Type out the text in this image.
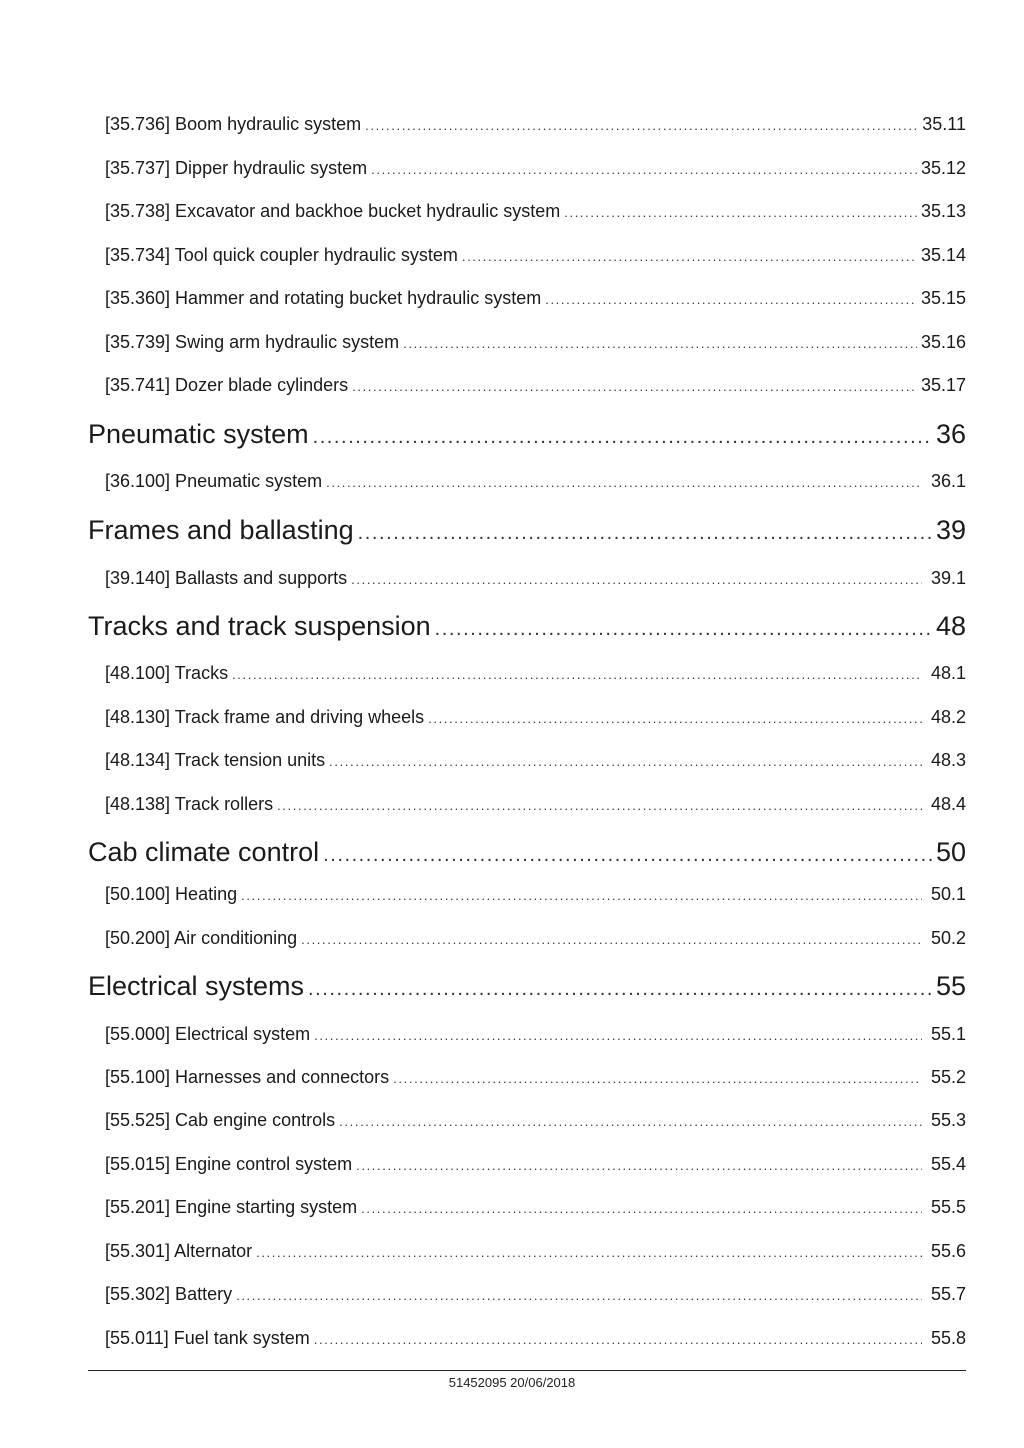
[35.736] Boom hydraulic system . . .	35.11
[35.737] Dipper hydraulic system . . .	35.12
[35.738] Excavator and backhoe bucket hydraulic system . . .	35.13
[35.734] Tool quick coupler hydraulic system . . .	35.14
[35.360] Hammer and rotating bucket hydraulic system . . .	35.15
[35.739] Swing arm hydraulic system . . .	35.16
[35.741] Dozer blade cylinders . . .	35.17
Pneumatic system . . .	36
[36.100] Pneumatic system . . .	36.1
Frames and ballasting . . .	39
[39.140] Ballasts and supports . . .	39.1
Tracks and track suspension . . .	48
[48.100] Tracks . . .	48.1
[48.130] Track frame and driving wheels . . .	48.2
[48.134] Track tension units . . .	48.3
[48.138] Track rollers . . .	48.4
Cab climate control . . .	50
[50.100] Heating . . .	50.1
[50.200] Air conditioning . . .	50.2
Electrical systems . . .	55
[55.000] Electrical system . . .	55.1
[55.100] Harnesses and connectors . . .	55.2
[55.525] Cab engine controls . . .	55.3
[55.015] Engine control system . . .	55.4
[55.201] Engine starting system . . .	55.5
[55.301] Alternator . . .	55.6
[55.302] Battery . . .	55.7
[55.011] Fuel tank system . . .	55.8
51452095 20/06/2018
